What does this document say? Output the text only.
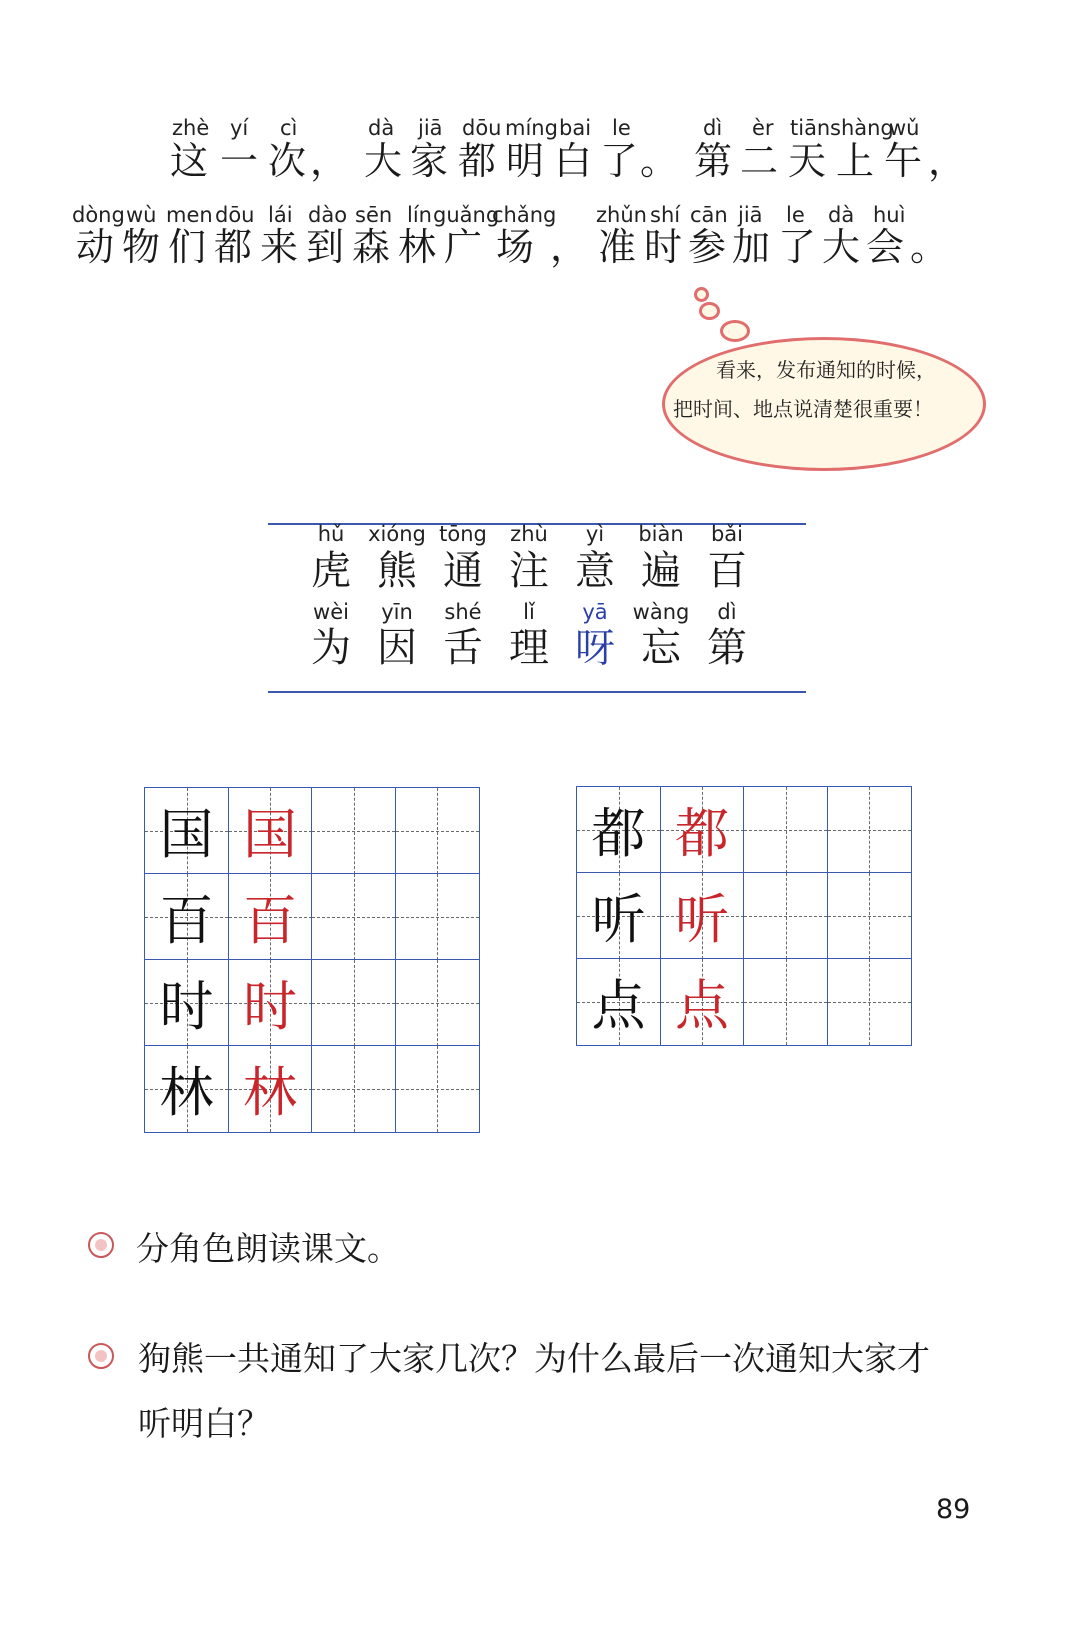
zhè yí cì	dà jiā dōu míng bai le	dì èr tiān shàng
wǔ
这 一 次 ， 大 家 都 明 白 了 。 第 二 天 上 午 ，
dòng wù men dōu lái dào sēn lín guǎng
chǎng zhǔn shí cān jiā le dà huì
动 物 们 都 来 到 森 林 广 场 ， 准 时 参 加 了 大 会 。
看来，发布通知的时候，
把时间、地点说清楚很重要！
hǔ	xióng tōng	zhù	yì	biàn	bǎi
虎 熊 通 注 意 遍 百
wèi	yīn	shé	lǐ	yā	wàng	dì
为 因 舌 理 呀 忘 第
国 国
百 百
时 时
林 林
都 都
听 听
点 点
分角色朗读课文。
狗熊一共通知了大家几次？为什么最后一次通知大家才
听明白？
89
